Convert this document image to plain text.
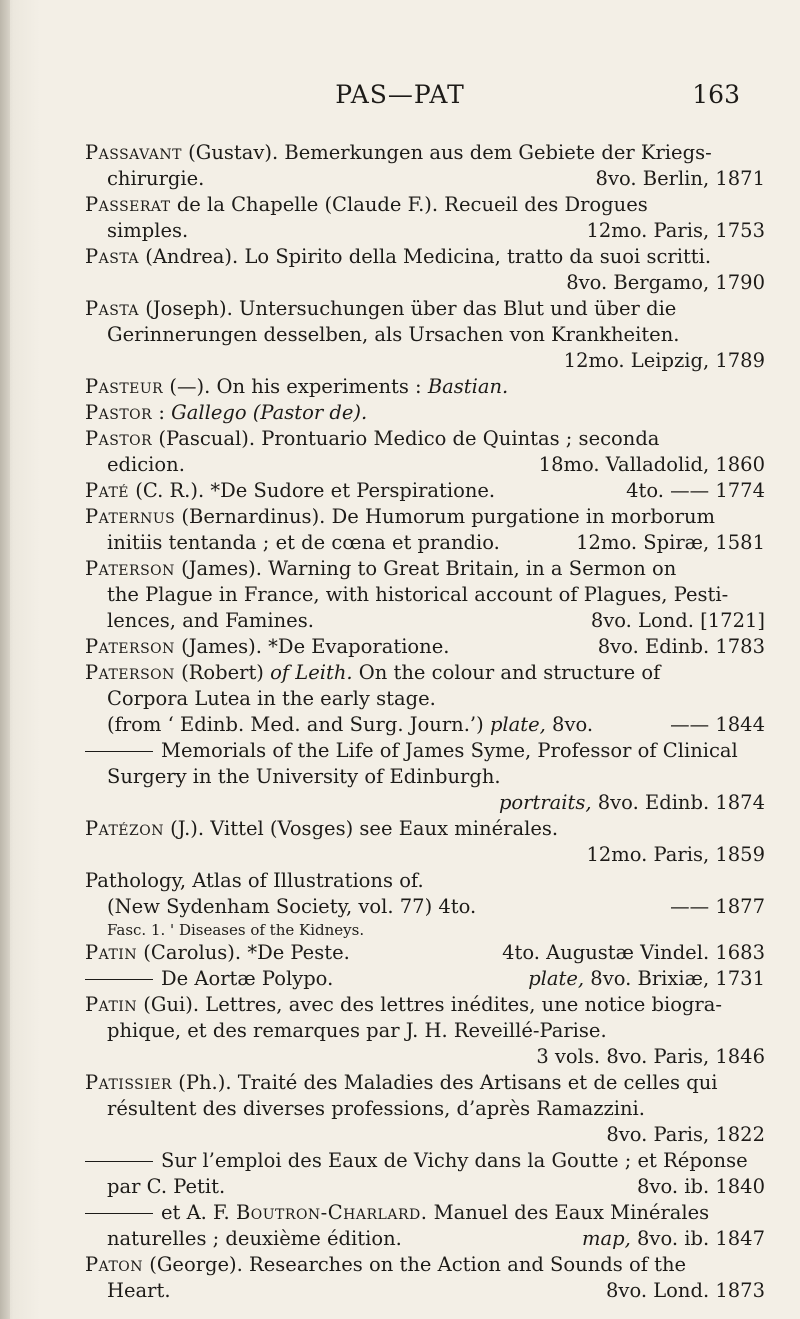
PAS—PAT	163
Passavant (Gustav). Bemerkungen aus dem Gebiete der Kriegs-
chirurgie.	8vo. Berlin, 1871
Passerat de la Chapelle (Claude F.). Recueil des Drogues
simples.	12mo. Paris, 1753
Pasta (Andrea). Lo Spirito della Medicina, tratto da suoi scritti.
8vo. Bergamo, 1790
Pasta (Joseph). Untersuchungen über das Blut und über die
Gerinnerungen desselben, als Ursachen von Krankheiten.
12mo. Leipzig, 1789
Pasteur (—). On his experiments : Bastian.
Pastor : Gallego (Pastor de).
Pastor (Pascual). Prontuario Medico de Quintas ; seconda
edicion.	18mo. Valladolid, 1860
Paté (C. R.). *De Sudore et Perspiratione.	4to. —— 1774
Paternus (Bernardinus). De Humorum purgatione in morborum
initiis tentanda ; et de cœna et prandio.	12mo. Spiræ, 1581
Paterson (James). Warning to Great Britain, in a Sermon on
the Plague in France, with historical account of Plagues, Pesti-
lences, and Famines.	8vo. Lond. [1721]
Paterson (James). *De Evaporatione.	8vo. Edinb. 1783
Paterson (Robert) of Leith. On the colour and structure of
Corpora Lutea in the early stage.
(from ‘ Edinb. Med. and Surg. Journ.’) plate, 8vo.	—— 1844
Memorials of the Life of James Syme, Professor of Clinical
Surgery in the University of Edinburgh.
portraits, 8vo. Edinb. 1874
Patézon (J.). Vittel (Vosges) see Eaux minérales.
12mo. Paris, 1859
Pathology, Atlas of Illustrations of.
(New Sydenham Society, vol. 77) 4to.	—— 1877
Fasc. 1. ' Diseases of the Kidneys.
Patin (Carolus). *De Peste.	4to. Augustæ Vindel. 1683
De Aortæ Polypo.	plate, 8vo. Brixiæ, 1731
Patin (Gui). Lettres, avec des lettres inédites, une notice biogra-
phique, et des remarques par J. H. Reveillé-Parise.
3 vols. 8vo. Paris, 1846
Patissier (Ph.). Traité des Maladies des Artisans et de celles qui
résultent des diverses professions, d’après Ramazzini.
8vo. Paris, 1822
Sur l’emploi des Eaux de Vichy dans la Goutte ; et Réponse
par C. Petit.	8vo. ib. 1840
et A. F. Boutron-Charlard. Manuel des Eaux Minérales
naturelles ; deuxième édition.	map, 8vo. ib. 1847
Paton (George). Researches on the Action and Sounds of the
Heart.	8vo. Lond. 1873
